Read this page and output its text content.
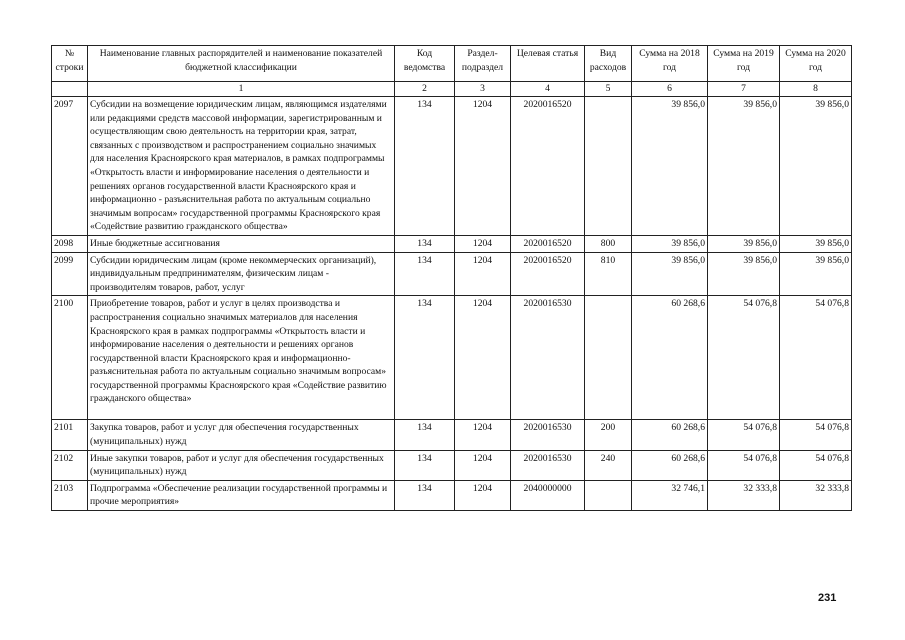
№ строки	Наименование главных распорядителей и наименование показателей бюджетной классификации	Код ведомства	Раздел-подраздел	Целевая статья	Вид расходов	Сумма на 2018 год	Сумма на 2019 год	Сумма на 2020 год
	1	2	3	4	5	6	7	8
2097	Субсидии на возмещение юридическим лицам, являющимся издателями или редакциями средств массовой информации, зарегистрированным и осуществляющим свою деятельность на территории края, затрат, связанных с производством и распространением социально значимых для населения Красноярского края материалов, в рамках подпрограммы «Открытость власти и информирование населения о деятельности и решениях органов государственной власти Красноярского края и информационно - разъяснительная работа по актуальным социально значимым вопросам» государственной программы Красноярского края «Содействие развитию гражданского общества»	134	1204	2020016520		39 856,0	39 856,0	39 856,0
2098	Иные бюджетные ассигнования	134	1204	2020016520	800	39 856,0	39 856,0	39 856,0
2099	Субсидии юридическим лицам (кроме некоммерческих организаций), индивидуальным предпринимателям, физическим лицам - производителям товаров, работ, услуг	134	1204	2020016520	810	39 856,0	39 856,0	39 856,0
2100	Приобретение товаров, работ и услуг в целях производства и распространения социально значимых материалов для населения Красноярского края в рамках подпрограммы «Открытость власти и информирование населения о деятельности и решениях органов государственной власти Красноярского края и информационно-разъяснительная работа по актуальным социально значимым вопросам» государственной программы Красноярского края «Содействие развитию гражданского общества»	134	1204	2020016530		60 268,6	54 076,8	54 076,8
2101	Закупка товаров, работ и услуг для обеспечения государственных (муниципальных) нужд	134	1204	2020016530	200	60 268,6	54 076,8	54 076,8
2102	Иные закупки товаров, работ и услуг для обеспечения государственных (муниципальных) нужд	134	1204	2020016530	240	60 268,6	54 076,8	54 076,8
2103	Подпрограмма «Обеспечение реализации государственной программы и прочие мероприятия»	134	1204	2040000000		32 746,1	32 333,8	32 333,8
231
